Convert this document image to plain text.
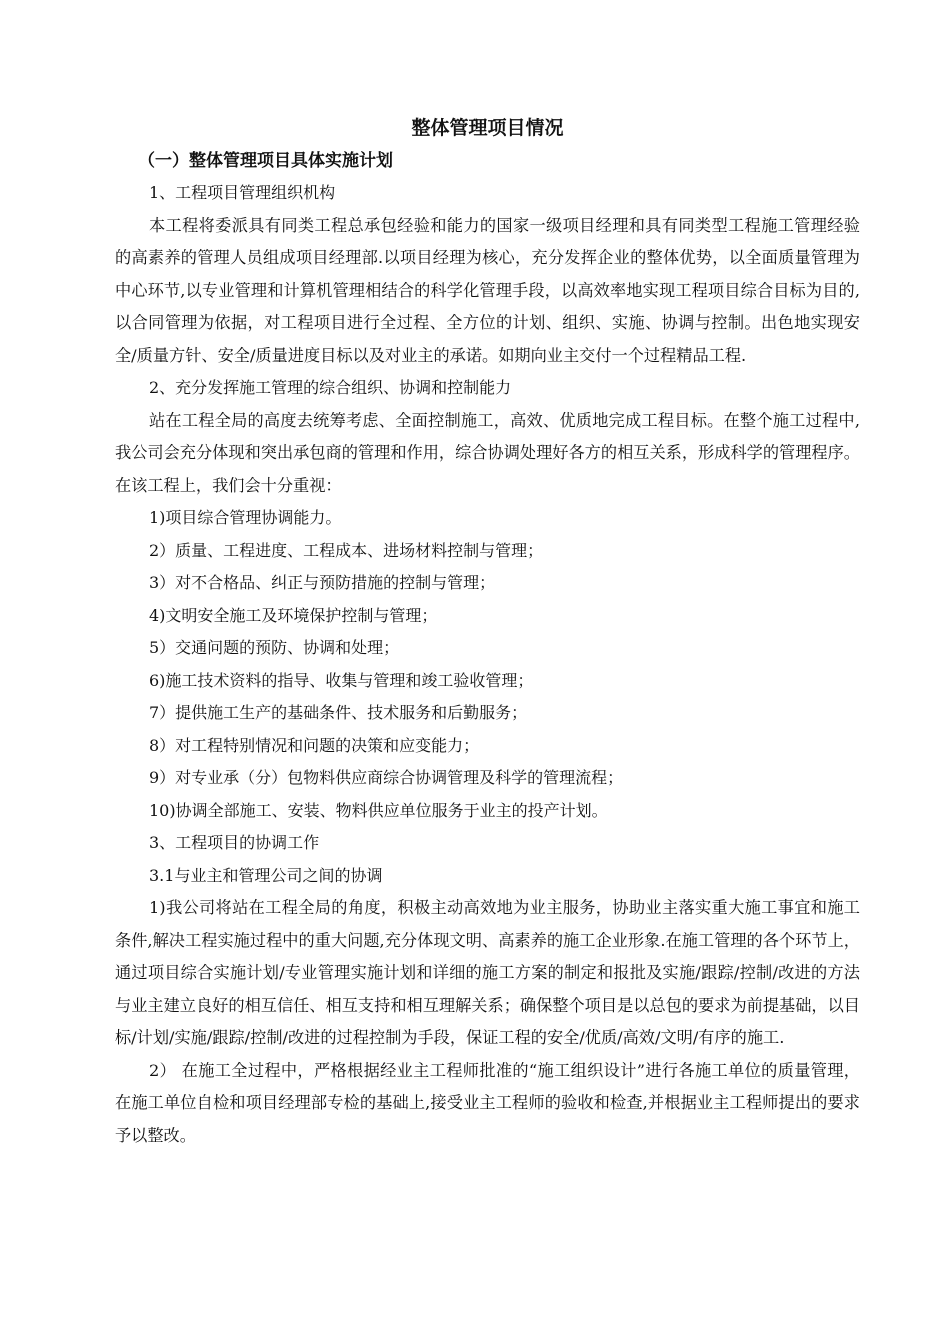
整体管理项目情况
（一）整体管理项目具体实施计划
1、工程项目管理组织机构

本工程将委派具有同类工程总承包经验和能力的国家一级项目经理和具有同类型工程施工管理经验的高素养的管理人员组成项目经理部.以项目经理为核心，充分发挥企业的整体优势，以全面质量管理为中心环节,以专业管理和计算机管理相结合的科学化管理手段，以高效率地实现工程项目综合目标为目的,以合同管理为依据，对工程项目进行全过程、全方位的计划、组织、实施、协调与控制。出色地实现安全/质量方针、安全/质量进度目标以及对业主的承诺。如期向业主交付一个过程精品工程.

2、充分发挥施工管理的综合组织、协调和控制能力

站在工程全局的高度去统筹考虑、全面控制施工，高效、优质地完成工程目标。在整个施工过程中,我公司会充分体现和突出承包商的管理和作用，综合协调处理好各方的相互关系，形成科学的管理程序。在该工程上，我们会十分重视：

1)项目综合管理协调能力。
2）质量、工程进度、工程成本、进场材料控制与管理；
3）对不合格品、纠正与预防措施的控制与管理；
4)文明安全施工及环境保护控制与管理；
5）交通问题的预防、协调和处理；
6)施工技术资料的指导、收集与管理和竣工验收管理；
7）提供施工生产的基础条件、技术服务和后勤服务；
8）对工程特别情况和问题的决策和应变能力；
9）对专业承（分）包物料供应商综合协调管理及科学的管理流程；
10)协调全部施工、安装、物料供应单位服务于业主的投产计划。
3、工程项目的协调工作
3.1与业主和管理公司之间的协调

1)我公司将站在工程全局的角度，积极主动高效地为业主服务，协助业主落实重大施工事宜和施工条件,解决工程实施过程中的重大问题,充分体现文明、高素养的施工企业形象.在施工管理的各个环节上，通过项目综合实施计划/专业管理实施计划和详细的施工方案的制定和报批及实施/跟踪/控制/改进的方法与业主建立良好的相互信任、相互支持和相互理解关系；确保整个项目是以总包的要求为前提基础，以目标/计划/实施/跟踪/控制/改进的过程控制为手段，保证工程的安全/优质/高效/文明/有序的施工.

2） 在施工全过程中，严格根据经业主工程师批准的“施工组织设计”进行各施工单位的质量管理，在施工单位自检和项目经理部专检的基础上,接受业主工程师的验收和检查,并根据业主工程师提出的要求予以整改。
